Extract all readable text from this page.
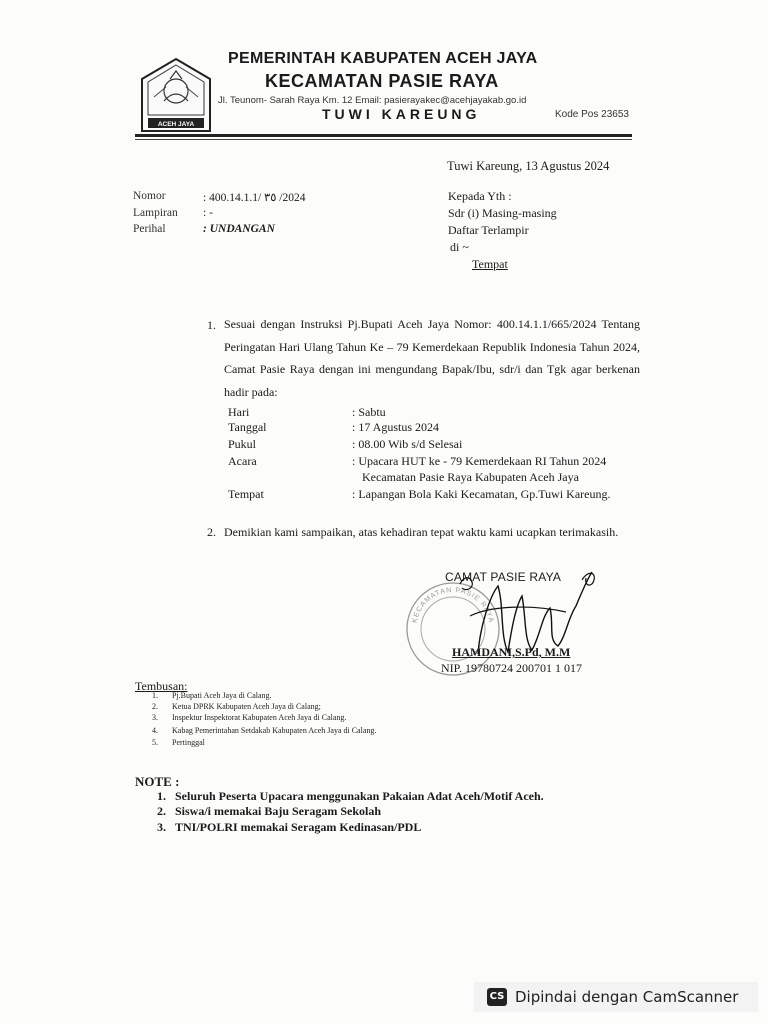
ACEH JAYA
PEMERINTAH KABUPATEN ACEH JAYA
KECAMATAN PASIE RAYA
Jl. Teunom- Sarah Raya Km. 12 Email: pasierayakec@acehjayakab.go.id
TUWI KAREUNG	Kode Pos 23653
Tuwi Kareung, 13 Agustus 2024
Nomor	: 400.14.1.1/ ٣٥ /2024
Lampiran : -
Perihal	: UNDANGAN
Kepada Yth :
Sdr (i) Masing-masing
Daftar Terlampir
di ~
Tempat
1. Sesuai dengan Instruksi Pj.Bupati Aceh Jaya Nomor: 400.14.1.1/665/2024 Tentang Peringatan Hari Ulang Tahun Ke – 79 Kemerdekaan Republik Indonesia Tahun 2024, Camat Pasie Raya dengan ini mengundang Bapak/Ibu, sdr/i dan Tgk agar berkenan hadir pada:
Hari	: Sabtu
Tanggal	: 17 Agustus 2024
Pukul	: 08.00 Wib s/d Selesai
Acara	: Upacara HUT ke - 79 Kemerdekaan RI Tahun 2024
Kecamatan Pasie Raya Kabupaten Aceh Jaya
Tempat	: Lapangan Bola Kaki Kecamatan, Gp.Tuwi Kareung.
2. Demikian kami sampaikan, atas kehadiran tepat waktu kami ucapkan terimakasih.
CAMAT PASIE RAYA
KECAMATAN PASIE RAYA
HAMDANI,S.Pd, M.M
NIP. 19780724 200701 1 017
Tembusan:
1. Pj.Bupati Aceh Jaya di Calang.
2. Ketua DPRK Kabupaten Aceh Jaya di Calang;
3. Inspektur Inspektorat Kabupaten Aceh Jaya di Calang.
4. Kabag Pemerintahan Setdakab Kabupaten Aceh Jaya di Calang.
5. Pertinggal
NOTE :
1. Seluruh Peserta Upacara menggunakan Pakaian Adat Aceh/Motif Aceh.
2. Siswa/i memakai Baju Seragam Sekolah
3. TNI/POLRI memakai Seragam Kedinasan/PDL
CS Dipindai dengan CamScanner
